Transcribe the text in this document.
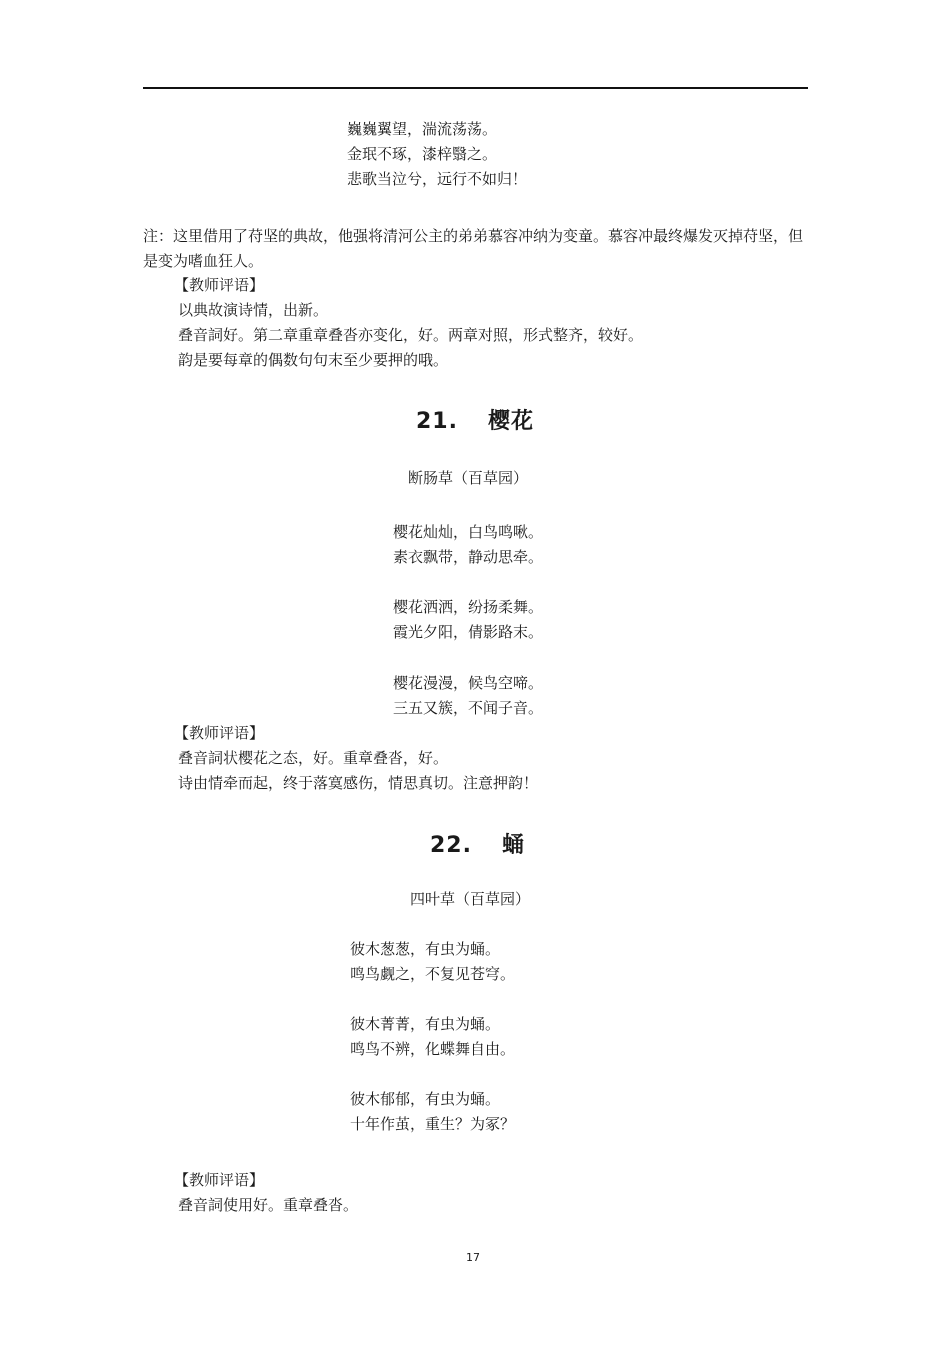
巍巍翼望，湍流荡荡。
金珉不琢，漆梓翳之。
悲歌当泣兮，远行不如归！
注：这里借用了苻坚的典故，他强将清河公主的弟弟慕容冲纳为变童。慕容冲最终爆发灭掉苻坚，但是变为嗜血狂人。
【教师评语】
以典故演诗情，出新。
叠音詞好。第二章重章叠沓亦变化，好。两章对照，形式整齐，较好。
韵是要每章的偶数句句末至少要押的哦。
21. 樱花
断肠草（百草园）
樱花灿灿，白鸟鸣啾。
素衣飘带，静动思牵。
樱花洒洒，纷扬柔舞。
霞光夕阳，倩影路末。
樱花漫漫，候鸟空啼。
三五又簇，不闻子音。
【教师评语】
叠音詞状樱花之态，好。重章叠沓，好。
诗由情牵而起，终于落寞感伤，情思真切。注意押韵！
22. 蛹
四叶草（百草园）
彼木葱葱，有虫为蛹。
鸣鸟觑之，不复见苍穹。
彼木菁菁，有虫为蛹。
鸣鸟不辨，化蝶舞自由。
彼木郁郁，有虫为蛹。
十年作茧，重生？为冢？
【教师评语】
叠音詞使用好。重章叠沓。
17
